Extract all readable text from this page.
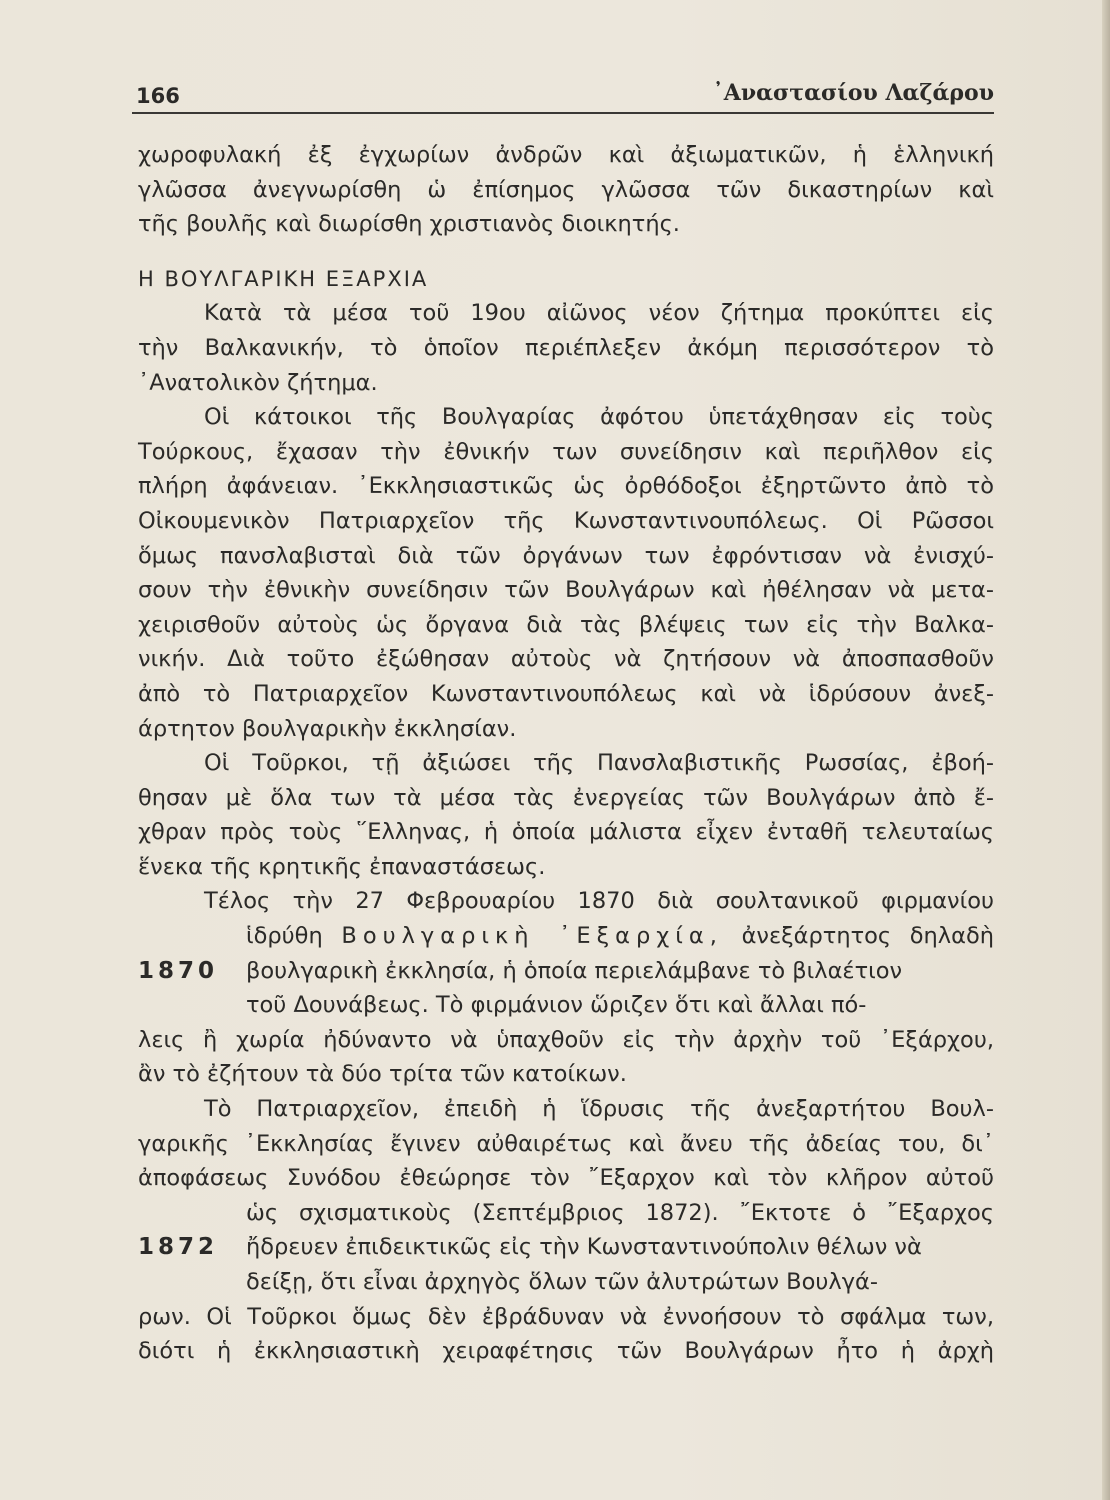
166	᾽Αναστασίου Λαζάρου
χωροφυλακή ἐξ ἐγχωρίων ἀνδρῶν καὶ ἀξιωματικῶν, ἡ ἑλληνική
γλῶσσα ἀνεγνωρίσθη ὡ ἐπίσημος γλῶσσα τῶν δικαστηρίων καὶ
τῆς βουλῆς καὶ διωρίσθη χριστιανὸς διοικητής.
Η ΒΟΥΛΓΑΡΙΚΗ ΕΞΑΡΧΙΑ
Κατὰ τὰ μέσα τοῦ 19ου αἰῶνος νέον ζήτημα προκύπτει εἰς
τὴν Βαλκανικήν, τὸ ὁποῖον περιέπλεξεν ἀκόμη περισσότερον τὸ
᾽Ανατολικὸν ζήτημα.
Οἱ κάτοικοι τῆς Βουλγαρίας ἀφότου ὑπετάχθησαν εἰς τοὺς
Τούρκους, ἔχασαν τὴν ἐθνικήν των συνείδησιν καὶ περιῆλθον εἰς
πλήρη ἀφάνειαν. ᾽Εκκλησιαστικῶς ὡς ὀρθόδοξοι ἐξηρτῶντο ἀπὸ τὸ
Οἰκουμενικὸν Πατριαρχεῖον τῆς Κωνσταντινουπόλεως. Οἱ Ρῶσσοι
ὅμως πανσλαβισταὶ διὰ τῶν ὀργάνων των ἐφρόντισαν νὰ ἐνισχύ-
σουν τὴν ἐθνικὴν συνείδησιν τῶν Βουλγάρων καὶ ἠθέλησαν νὰ μετα-
χειρισθοῦν αὐτοὺς ὡς ὄργανα διὰ τὰς βλέψεις των εἰς τὴν Βαλκα-
νικήν. Διὰ τοῦτο ἐξώθησαν αὐτοὺς νὰ ζητήσουν νὰ ἀποσπασθοῦν
ἀπὸ τὸ Πατριαρχεῖον Κωνσταντινουπόλεως καὶ νὰ ἱδρύσουν ἀνεξ-
άρτητον βουλγαρικὴν ἐκκλησίαν.
Οἱ Τοῦρκοι, τῇ ἀξιώσει τῆς Πανσλαβιστικῆς Ρωσσίας, ἐβοή-
θησαν μὲ ὅλα των τὰ μέσα τὰς ἐνεργείας τῶν Βουλγάρων ἀπὸ ἔ-
χθραν πρὸς τοὺς ῞Ελληνας, ἡ ὁποία μάλιστα εἶχεν ἐνταθῆ τελευταίως
ἕνεκα τῆς κρητικῆς ἐπαναστάσεως.
Τέλος τὴν 27 Φεβρουαρίου 1870 διὰ σουλτανικοῦ φιρμανίου
ἱδρύθη Βουλγαρικὴ ᾽Εξαρχία, ἀνεξάρτητος δηλαδὴ
1870 βουλγαρικὴ ἐκκλησία, ἡ ὁποία περιελάμβανε τὸ βιλαέτιον
τοῦ Δουνάβεως. Τὸ φιρμάνιον ὥριζεν ὅτι καὶ ἄλλαι πό-
λεις ἢ χωρία ἠδύναντο νὰ ὑπαχθοῦν εἰς τὴν ἀρχὴν τοῦ ᾽Εξάρχου,
ἂν τὸ ἐζήτουν τὰ δύο τρίτα τῶν κατοίκων.
Τὸ Πατριαρχεῖον, ἐπειδὴ ἡ ἵδρυσις τῆς ἀνεξαρτήτου Βουλ-
γαρικῆς ᾽Εκκλησίας ἔγινεν αὐθαιρέτως καὶ ἄνευ τῆς ἀδείας του, δι᾽
ἀποφάσεως Συνόδου ἐθεώρησε τὸν ῎Εξαρχον καὶ τὸν κλῆρον αὐτοῦ
ὡς σχισματικοὺς (Σεπτέμβριος 1872). ῎Εκτοτε ὁ ῎Εξαρχος
1872 ἤδρευεν ἐπιδεικτικῶς εἰς τὴν Κωνσταντινούπολιν θέλων νὰ
δείξῃ, ὅτι εἶναι ἀρχηγὸς ὅλων τῶν ἀλυτρώτων Βουλγά-
ρων. Οἱ Τοῦρκοι ὅμως δὲν ἐβράδυναν νὰ ἐννοήσουν τὸ σφάλμα των,
διότι ἡ ἐκκλησιαστικὴ χειραφέτησις τῶν Βουλγάρων ἦτο ἡ ἀρχὴ
